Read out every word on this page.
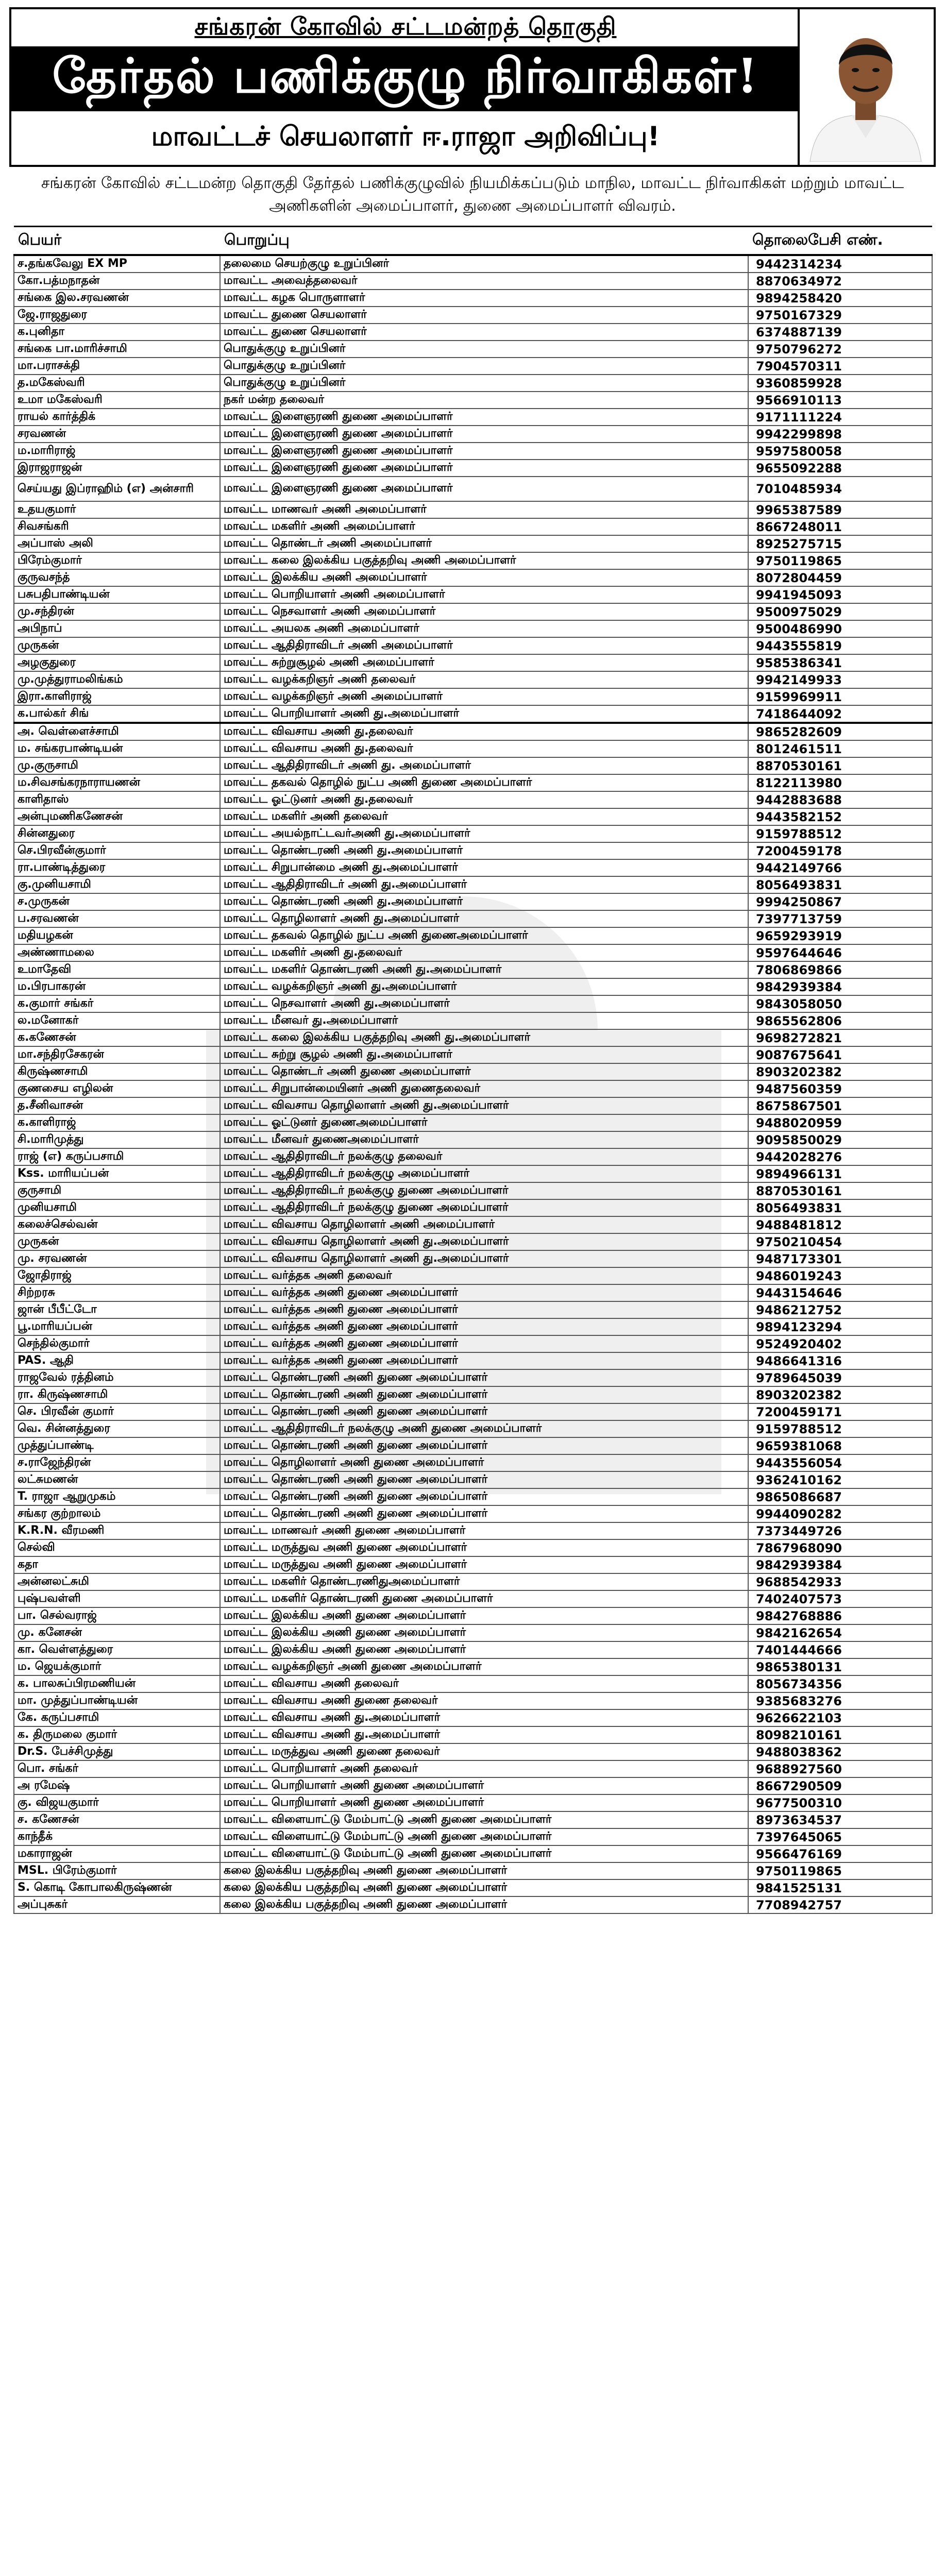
சங்கரன் கோவில் சட்டமன்றத் தொகுதி
தேர்தல் பணிக்குழு நிர்வாகிகள்!
மாவட்டச் செயலாளர் ஈ.ராஜா அறிவிப்பு!
சங்கரன் கோவில் சட்டமன்ற தொகுதி தேர்தல் பணிக்குழுவில் நியமிக்கப்படும் மாநில, மாவட்ட நிர்வாகிகள் மற்றும் மாவட்ட அணிகளின் அமைப்பாளர், துணை அமைப்பாளர் விவரம்.
பெயர்	பொறுப்பு	தொலைபேசி எண்.
ச.தங்கவேலு EX MP	தலைமை செயற்குழு உறுப்பினர்	9442314234
கோ.பத்மநாதன்	மாவட்ட அவைத்தலைவர்	8870634972
சங்கை இல.சரவணன்	மாவட்ட கழக பொருளாளர்	9894258420
ஜே.ராஜதுரை	மாவட்ட துணை செயலாளர்	9750167329
க.புனிதா	மாவட்ட துணை செயலாளர்	6374887139
சங்கை பா.மாரிச்சாமி	பொதுக்குழு உறுப்பினர்	9750796272
மா.பராசக்தி	பொதுக்குழு உறுப்பினர்	7904570311
த.மகேஸ்வரி	பொதுக்குழு உறுப்பினர்	9360859928
உமா மகேஸ்வரி	நகர் மன்ற தலைவர்	9566910113
ராயல் கார்த்திக்	மாவட்ட இளைஞரணி துணை அமைப்பாளர்	9171111224
சரவணன்	மாவட்ட இளைஞரணி துணை அமைப்பாளர்	9942299898
ம.மாரிராஜ்	மாவட்ட இளைஞரணி துணை அமைப்பாளர்	9597580058
இராஜராஜன்	மாவட்ட இளைஞரணி துணை அமைப்பாளர்	9655092288
செய்யது இப்ராஹிம் (எ) அன்சாரி	மாவட்ட இளைஞரணி துணை அமைப்பாளர்	7010485934
உதயகுமார்	மாவட்ட மாணவர் அணி அமைப்பாளர்	9965387589
சிவசங்கரி	மாவட்ட மகளிர் அணி அமைப்பாளர்	8667248011
அப்பாஸ் அலி	மாவட்ட தொண்டர் அணி அமைப்பாளர்	8925275715
பிரேம்குமார்	மாவட்ட கலை இலக்கிய பகுத்தறிவு அணி அமைப்பாளர்	9750119865
குருவசந்த்	மாவட்ட இலக்கிய அணி அமைப்பாளர்	8072804459
பசுபதிபாண்டியன்	மாவட்ட பொறியாளர் அணி அமைப்பாளர்	9941945093
மு.சந்திரன்	மாவட்ட நெசவாளர் அணி அமைப்பாளர்	9500975029
அபிநாப்	மாவட்ட அயலக அணி அமைப்பாளர்	9500486990
முருகன்	மாவட்ட ஆதிதிராவிடர் அணி அமைப்பாளர்	9443555819
அழகுதுரை	மாவட்ட சுற்றுசூழல் அணி அமைப்பாளர்	9585386341
மு.முத்துராமலிங்கம்	மாவட்ட வழக்கறிஞர் அணி தலைவர்	9942149933
இரா.காளிராஜ்	மாவட்ட வழக்கறிஞர் அணி அமைப்பாளர்	9159969911
க.பால்கர் சிங்	மாவட்ட பொறியாளர் அணி து.அமைப்பாளர்	7418644092
அ. வெள்ளைச்சாமி	மாவட்ட விவசாய அணி து.தலைவர்	9865282609
ம. சங்கரபாண்டியன்	மாவட்ட விவசாய அணி து.தலைவர்	8012461511
மு.குருசாமி	மாவட்ட ஆதிதிராவிடர் அணி து. அமைப்பாளர்	8870530161
ம.சிவசங்கரநாராயணன்	மாவட்ட தகவல் தொழில் நுட்ப அணி துணை அமைப்பாளர்	8122113980
காளிதாஸ்	மாவட்ட ஓட்டுனர் அணி து.தலைவர்	9442883688
அன்புமணிகணேசன்	மாவட்ட மகளிர் அணி தலைவர்	9443582152
சின்னதுரை	மாவட்ட அயல்நாட்டவர்அணி து.அமைப்பாளர்	9159788512
செ.பிரவீன்குமார்	மாவட்ட தொண்டரணி அணி து.அமைப்பாளர்	7200459178
ரா.பாண்டித்துரை	மாவட்ட சிறுபான்மை அணி து.அமைப்பாளர்	9442149766
கு.முனியசாமி	மாவட்ட ஆதிதிராவிடர் அணி து.அமைப்பாளர்	8056493831
ச.முருகன்	மாவட்ட தொண்டரணி அணி து.அமைப்பாளர்	9994250867
ப.சரவணன்	மாவட்ட தொழிலாளர் அணி து.அமைப்பாளர்	7397713759
மதியழகன்	மாவட்ட தகவல் தொழில் நுட்ப அணி துணைஅமைப்பாளர்	9659293919
அண்ணாமலை	மாவட்ட மகளிர் அணி து.தலைவர்	9597644646
உமாதேவி	மாவட்ட மகளிர் தொண்டரணி அணி து.அமைப்பாளர்	7806869866
ம.பிரபாகரன்	மாவட்ட வழக்கறிஞர் அணி து.அமைப்பாளர்	9842939384
க.குமார் சங்கர்	மாவட்ட நெசவாளர் அணி து.அமைப்பாளர்	9843058050
ல.மனோகர்	மாவட்ட மீனவர் து.அமைப்பாளர்	9865562806
க.கணேசன்	மாவட்ட கலை இலக்கிய பகுத்தறிவு அணி து.அமைப்பாளர்	9698272821
மா.சந்திரசேகரன்	மாவட்ட சுற்று சூழல் அணி து.அமைப்பாளர்	9087675641
கிருஷ்ணசாமி	மாவட்ட தொண்டர் அணி துணை அமைப்பாளர்	8903202382
குணசைய எழிலன்	மாவட்ட சிறுபான்மையினர் அணி துணைதலைவர்	9487560359
த.சீனிவாசன்	மாவட்ட விவசாய தொழிலாளர் அணி து.அமைப்பாளர்	8675867501
க.காளிராஜ்	மாவட்ட ஓட்டுனர் துணைஅமைப்பாளர்	9488020959
சி.மாரிமுத்து	மாவட்ட மீனவர் துணைஅமைப்பாளர்	9095850029
ராஜ் (எ) கருப்பசாமி	மாவட்ட ஆதிதிராவிடர் நலக்குழு தலைவர்	9442028276
Kss. மாரியப்பன்	மாவட்ட ஆதிதிராவிடர் நலக்குழு அமைப்பாளர்	9894966131
குருசாமி	மாவட்ட ஆதிதிராவிடர் நலக்குழு துணை அமைப்பாளர்	8870530161
முனியசாமி	மாவட்ட ஆதிதிராவிடர் நலக்குழு துணை அமைப்பாளர்	8056493831
கலைச்செல்வன்	மாவட்ட விவசாய தொழிலாளர் அணி அமைப்பாளர்	9488481812
முருகன்	மாவட்ட விவசாய தொழிலாளர் அணி து.அமைப்பாளர்	9750210454
மு. சரவணன்	மாவட்ட விவசாய தொழிலாளர் அணி து.அமைப்பாளர்	9487173301
ஜோதிராஜ்	மாவட்ட வர்த்தக அணி தலைவர்	9486019243
சிற்றரசு	மாவட்ட வர்த்தக அணி துணை அமைப்பாளர்	9443154646
ஜான் பீபீட்டோ	மாவட்ட வர்த்தக அணி துணை அமைப்பாளர்	9486212752
பூ.மாரியப்பன்	மாவட்ட வர்த்தக அணி துணை அமைப்பாளர்	9894123294
செந்தில்குமார்	மாவட்ட வர்த்தக அணி துணை அமைப்பாளர்	9524920402
PAS. ஆதி	மாவட்ட வர்த்தக அணி துணை அமைப்பாளர்	9486641316
ராஜவேல் ரத்தினம்	மாவட்ட தொண்டரணி அணி துணை அமைப்பாளர்	9789645039
ரா. கிருஷ்ணசாமி	மாவட்ட தொண்டரணி அணி துணை அமைப்பாளர்	8903202382
செ. பிரவீன் குமார்	மாவட்ட தொண்டரணி அணி துணை அமைப்பாளர்	7200459171
வெ. சின்னத்துரை	மாவட்ட ஆதிதிராவிடர் நலக்குழு அணி துணை அமைப்பாளர்	9159788512
முத்துப்பாண்டி	மாவட்ட தொண்டரணி அணி துணை அமைப்பாளர்	9659381068
ச.ராஜேந்திரன்	மாவட்ட தொழிலாளர் அணி துணை அமைப்பாளர்	9443556054
லட்சுமணன்	மாவட்ட தொண்டரணி அணி துணை அமைப்பாளர்	9362410162
T. ராஜா ஆறுமுகம்	மாவட்ட தொண்டரணி அணி துணை அமைப்பாளர்	9865086687
சங்கர குற்றாலம்	மாவட்ட தொண்டரணி அணி துணை அமைப்பாளர்	9944090282
K.R.N. வீரமணி	மாவட்ட மாணவர் அணி துணை அமைப்பாளர்	7373449726
செல்வி	மாவட்ட மருத்துவ அணி துணை அமைப்பாளர்	7867968090
கதா	மாவட்ட மருத்துவ அணி துணை அமைப்பாளர்	9842939384
அன்னலட்சுமி	மாவட்ட மகளிர் தொண்டரணிதுஅமைப்பாளர்	9688542933
புஷ்பவள்ளி	மாவட்ட மகளிர் தொண்டரணி துணை அமைப்பாளர்	7402407573
பா. செல்வராஜ்	மாவட்ட இலக்கிய அணி துணை அமைப்பாளர்	9842768886
மு. கனேசன்	மாவட்ட இலக்கிய அணி துணை அமைப்பாளர்	9842162654
கா. வெள்ளத்துரை	மாவட்ட இலக்கிய அணி துணை அமைப்பாளர்	7401444666
ம. ஜெயக்குமார்	மாவட்ட வழக்கறிஞர் அணி துணை அமைப்பாளர்	9865380131
க. பாலசுப்பிரமணியன்	மாவட்ட விவசாய அணி தலைவர்	8056734356
மா. முத்துப்பாண்டியன்	மாவட்ட விவசாய அணி துணை தலைவர்	9385683276
கே. கருப்பசாமி	மாவட்ட விவசாய அணி து.அமைப்பாளர்	9626622103
க. திருமலை குமார்	மாவட்ட விவசாய அணி து.அமைப்பாளர்	8098210161
Dr.S. பேச்சிமுத்து	மாவட்ட மருத்துவ அணி துணை தலைவர்	9488038362
பொ. சங்கர்	மாவட்ட பொறியாளர் அணி தலைவர்	9688927560
அ ரமேஷ்	மாவட்ட பொறியாளர் அணி துணை அமைப்பாளர்	8667290509
கு. விஜயகுமார்	மாவட்ட பொறியாளர் அணி துணை அமைப்பாளர்	9677500310
ச. கணேசன்	மாவட்ட விளையாட்டு மேம்பாட்டு அணி துணை அமைப்பாளர்	8973634537
காந்தீக்	மாவட்ட விளையாட்டு மேம்பாட்டு அணி துணை அமைப்பாளர்	7397645065
மகாராஜன்	மாவட்ட விளையாட்டு மேம்பாட்டு அணி துணை அமைப்பாளர்	9566476169
MSL. பிரேம்குமார்	கலை இலக்கிய பகுத்தறிவு அணி துணை அமைப்பாளர்	9750119865
S. கொடி கோபாலகிருஷ்ணன்	கலை இலக்கிய பகுத்தறிவு அணி துணை அமைப்பாளர்	9841525131
அப்புசுகர்	கலை இலக்கிய பகுத்தறிவு அணி துணை அமைப்பாளர்	7708942757
